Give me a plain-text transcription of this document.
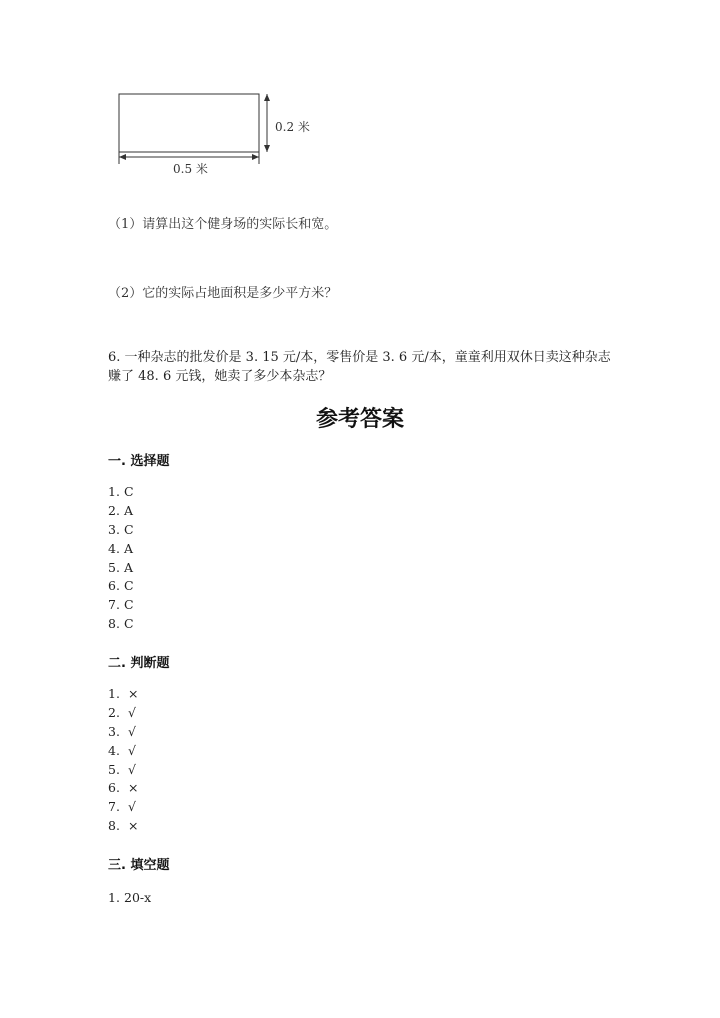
0.2 米
0.5 米
（1）请算出这个健身场的实际长和宽。
（2）它的实际占地面积是多少平方米？
6. 一种杂志的批发价是 3. 15 元/本，零售价是 3. 6 元/本，童童利用双休日卖这种杂志赚了 48. 6 元钱，她卖了多少本杂志？
参考答案
一. 选择题
1. C
2. A
3. C
4. A
5. A
6. C
7. C
8. C
二. 判断题
1. ×
2. √
3. √
4. √
5. √
6. ×
7. √
8. ×
三. 填空题
1. 20-x
